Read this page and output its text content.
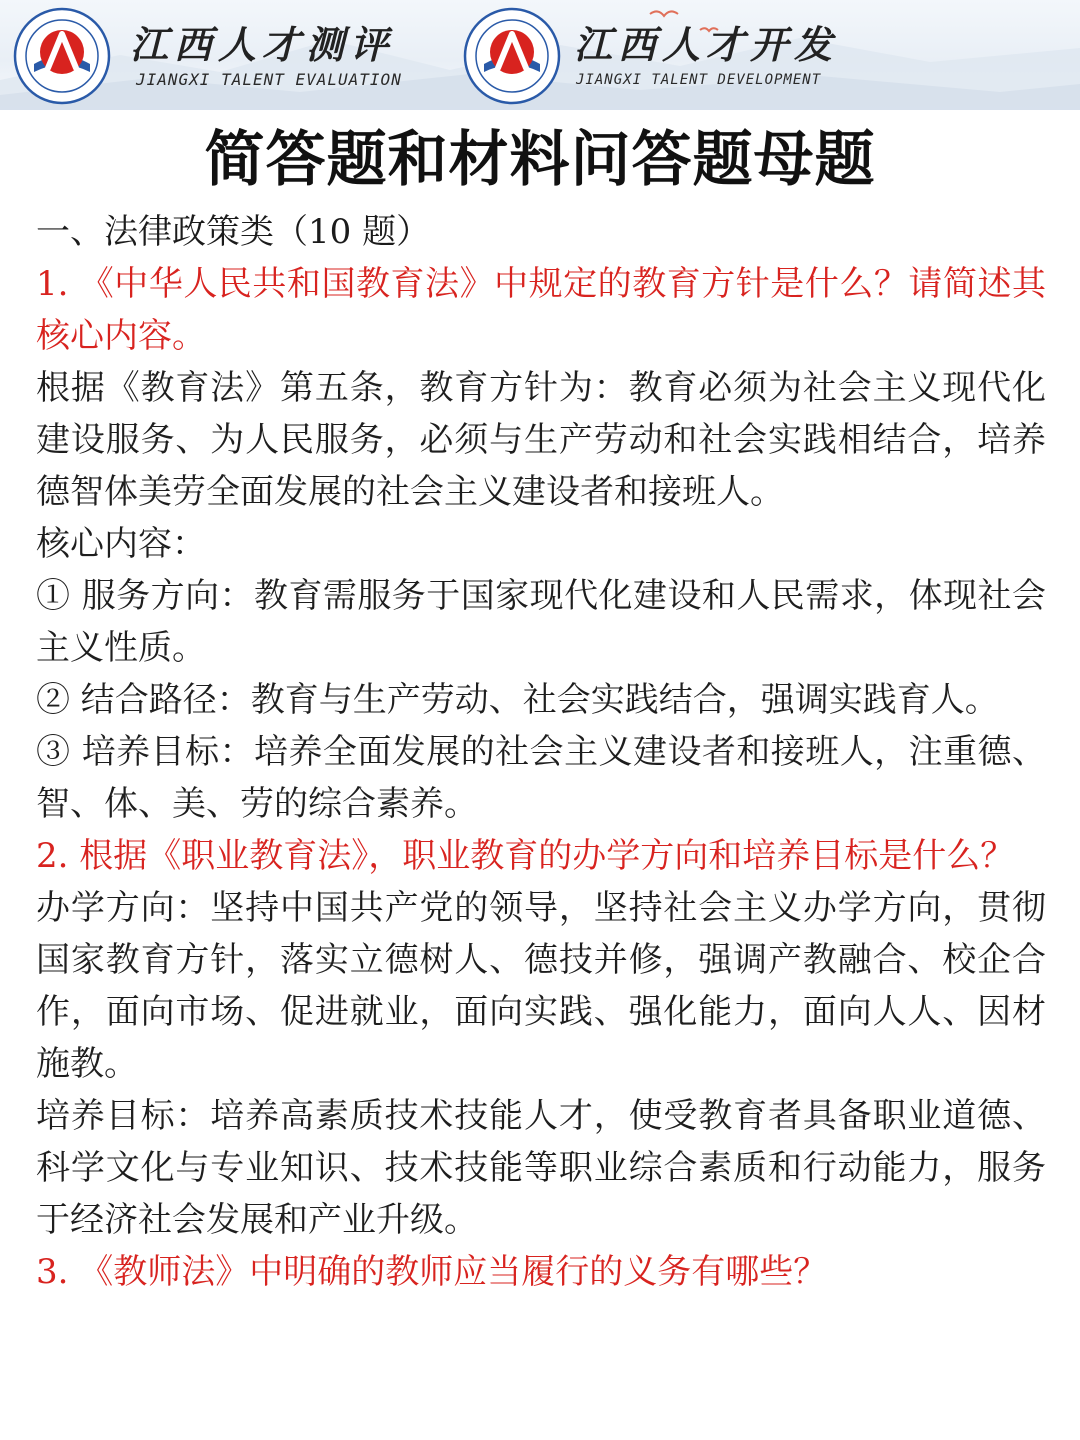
江西人才测评
JIANGXI TALENT EVALUATION
江西人才开发
JIANGXI TALENT DEVELOPMENT
简答题和材料问答题母题
一、法律政策类（10 题）
1. 《中华人民共和国教育法》中规定的教育方针是什么？请简述其核心内容。
根据《教育法》第五条，教育方针为：教育必须为社会主义现代化建设服务、为人民服务，必须与生产劳动和社会实践相结合，培养德智体美劳全面发展的社会主义建设者和接班人。
核心内容：
① 服务方向：教育需服务于国家现代化建设和人民需求，体现社会主义性质。
② 结合路径：教育与生产劳动、社会实践结合，强调实践育人。
③ 培养目标：培养全面发展的社会主义建设者和接班人，注重德、智、体、美、劳的综合素养。
2. 根据《职业教育法》，职业教育的办学方向和培养目标是什么？
办学方向：坚持中国共产党的领导，坚持社会主义办学方向，贯彻国家教育方针，落实立德树人、德技并修，强调产教融合、校企合作，面向市场、促进就业，面向实践、强化能力，面向人人、因材施教。
培养目标：培养高素质技术技能人才，使受教育者具备职业道德、科学文化与专业知识、技术技能等职业综合素质和行动能力，服务于经济社会发展和产业升级。
3. 《教师法》中明确的教师应当履行的义务有哪些？
